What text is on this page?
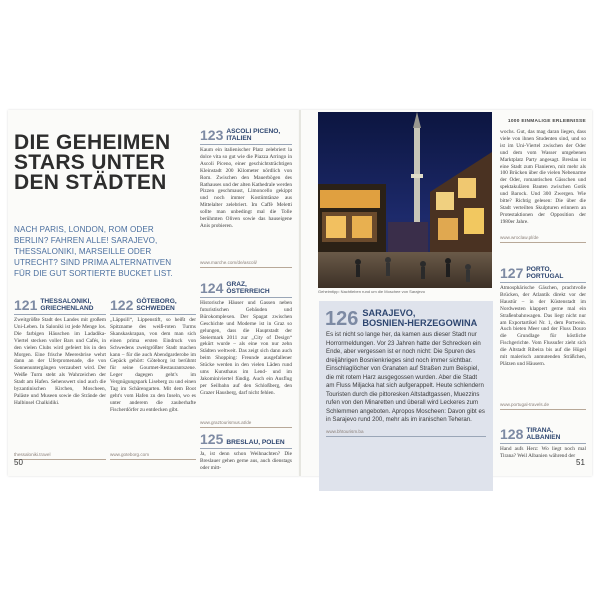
DIE GEHEIMEN
STARS UNTER
DEN STÄDTEN
NACH PARIS, LONDON, ROM ODER BERLIN? FAHREN ALLE! SARAJEVO, THESSALONIKI, MARSEILLE ODER UTRECHT? SIND PRIMA ALTERNATIVEN FÜR DIE GUT SORTIERTE BUCKET LIST.
121 THESSALONIKI,
GRIECHENLAND
Zweitgrößte Stadt des Landes mit großem Uni-Leben. In Saloniki ist jede Menge los. Die farbigen Häuschen im Ladadika-Viertel stecken voller Bars und Cafés, in den vielen Clubs wird gefeiert bis in den Morgen. Eine frische Meeresbrise wehrt dann an der Uferpromenade, die von Sonnenuntergängen verzaubert wird. Der Weiße Turm steht als Wahrzeichen der Stadt am Hafen. Sehenswert sind auch die byzantinischen Kirchen, Moscheen, Paläste und Museen sowie die Strände der Halbinsel Chalkidiki.
thessaloniki.travel
122 GÖTEBORG,
SCHWEDEN
„Läppsill“, Lippenstift, so heißt der Spitzname des weiß-roten Turms Skanskaskrapan, von dem man sich einen prima ersten Eindruck von Schwedens zweitgrößter Stadt machen kann – für die auch Abendgarderobe im Gepäck gehört: Göteborg ist berühmt für seine Gourmet-Restaurantszene. Leger dagegen geht's im Vergnügungspark Liseberg zu und einen Tag im Schärengarten. Mit dem Boot geht's vom Hafen zu den Inseln, wo es unter anderem die zauberhafte Fischerdörfer zu entdecken gibt.
www.goteborg.com
123 ASCOLI PICENO,
ITALIEN
Kaum ein italienischer Platz zelebriert la dolce vita so gut wie die Piazza Arringo in Ascoli Piceno, einer geschichtsträchtigen Kleinstadt 200 Kilometer nördlich von Rom. Zwischen den Mauerbögen des Rathauses und der alten Kathedrale werden Pizzen geschmaust, Limoncello gekippt und noch immer Kostümtänze aus Mittelalter zelebriert. Im Caffè Meletti sollte man unbedingt mal die Tolle berühmten Oliven sowie das hauseigene Anis probieren.
www.marche.com/de/ascoli/
124 GRAZ,
ÖSTERREICH
Historische Häuser und Gassen neben futuristischen Gebäuden und Bürokomplexen. Der Spagat zwischen Geschichte und Moderne ist in Graz so gelungen, dass die Hauptstadt der Steiermark 2011 zur „City of Design“ gekürt wurde – als eine von nur zehn Städten weltweit. Das zeigt sich dann auch beim Shopping: Freunde ausgefallener Stücke werden in den vielen Läden rund ums Kunsthaus im Lend- und im Jakominiviertel fündig. Auch ein Ausflug per Seilbahn auf den Schloßberg, den Grazer Hausberg, darf nicht fehlen.
www.graztourismus.at/de
125 BRESLAU, POLEN
Ja, ist denn schon Weihnachten? Die Breslauer gehen gerne aus, auch dienstags oder mitt-
Geheimtipp: Nachtleben rund um die Moschee von Sarajevo
126 SARAJEVO,
BOSNIEN-HERZEGOWINA
Es ist nicht so lange her, da kamen aus dieser Stadt nur Horrormeldungen. Vor 23 Jahren hatte der Schrecken ein Ende, aber vergessen ist er noch nicht: Die Spuren des dreijährigen Bosnienkrieges sind noch immer sichtbar. Einschlaglöcher von Granaten auf Straßen zum Beispiel, die mit rotem Harz ausgegossen wurden. Aber die Stadt am Fluss Miljacka hat sich aufgerappelt. Heute schlendern Touristen durch die pittoresken Altstadtgassen, Muezzins rufen von den Minaretten und überall wird Leckeres zum Schlemmen angeboten. Apropos Moscheen: Davon gibt es in Sarajevo rund 200, mehr als im iranischen Teheran.
www.bhtourism.ba
1000 EINMALIGE ERLEBNISSE
wochs. Gut, das mag daran liegen, dass viele von ihnen Studenten sind, und so ist im Uni-Viertel zwischen der Oder und dem vom Wasser umgebenen Marktplatz Party angesagt. Breslau ist eine Stadt zum Flanieren, mit mehr als 100 Brücken über die vielen Nebenarme der Oder, romantischen Gässchen und spektakulären Bauten zwischen Gotik und Barock. Und 300 Zwergen. Wie bitte? Richtig gelesen: Die über die Stadt verteilten Skulpturen erinnern an Protestaktionen der Opposition der 1980er Jahre.
www.wroclaw.pl/de
127 PORTO,
PORTUGAL
Atmosphärische Gäschen, prachtvolle Brücken, der Atlantik direkt vor der Haustür – in der Küstenstadt im Nordwesten klappert gerne mal ein Straßenbahnwagen. Das liegt nicht nur am Exportartikel Nr. 1, dem Portwein. Auch bieten Meer und der Fluss Douro die Grundlage für köstliche Fischgerichte. Vom Flussufer zieht sich die Altstadt Ribeira bis auf die Hügel mit malerisch anmutenden Sträßchen, Plätzen und Häusern.
www.portugal-travels.de
128 TIRANA,
ALBANIEN
Hand aufs Herz: Wo liegt noch mal Tirana? Weil Albanien während der
50	51
